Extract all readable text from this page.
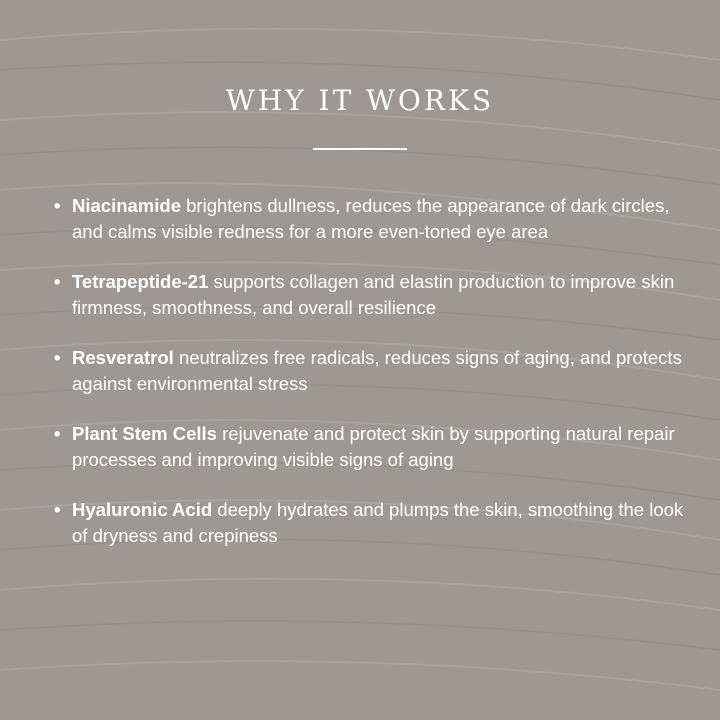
WHY IT WORKS
• Niacinamide brightens dullness, reduces the appearance of dark circles, and calms visible redness for a more even-toned eye area
• Tetrapeptide-21 supports collagen and elastin production to improve skin firmness, smoothness, and overall resilience
• Resveratrol neutralizes free radicals, reduces signs of aging, and protects against environmental stress
• Plant Stem Cells rejuvenate and protect skin by supporting natural repair processes and improving visible signs of aging
• Hyaluronic Acid deeply hydrates and plumps the skin, smoothing the look of dryness and crepiness
